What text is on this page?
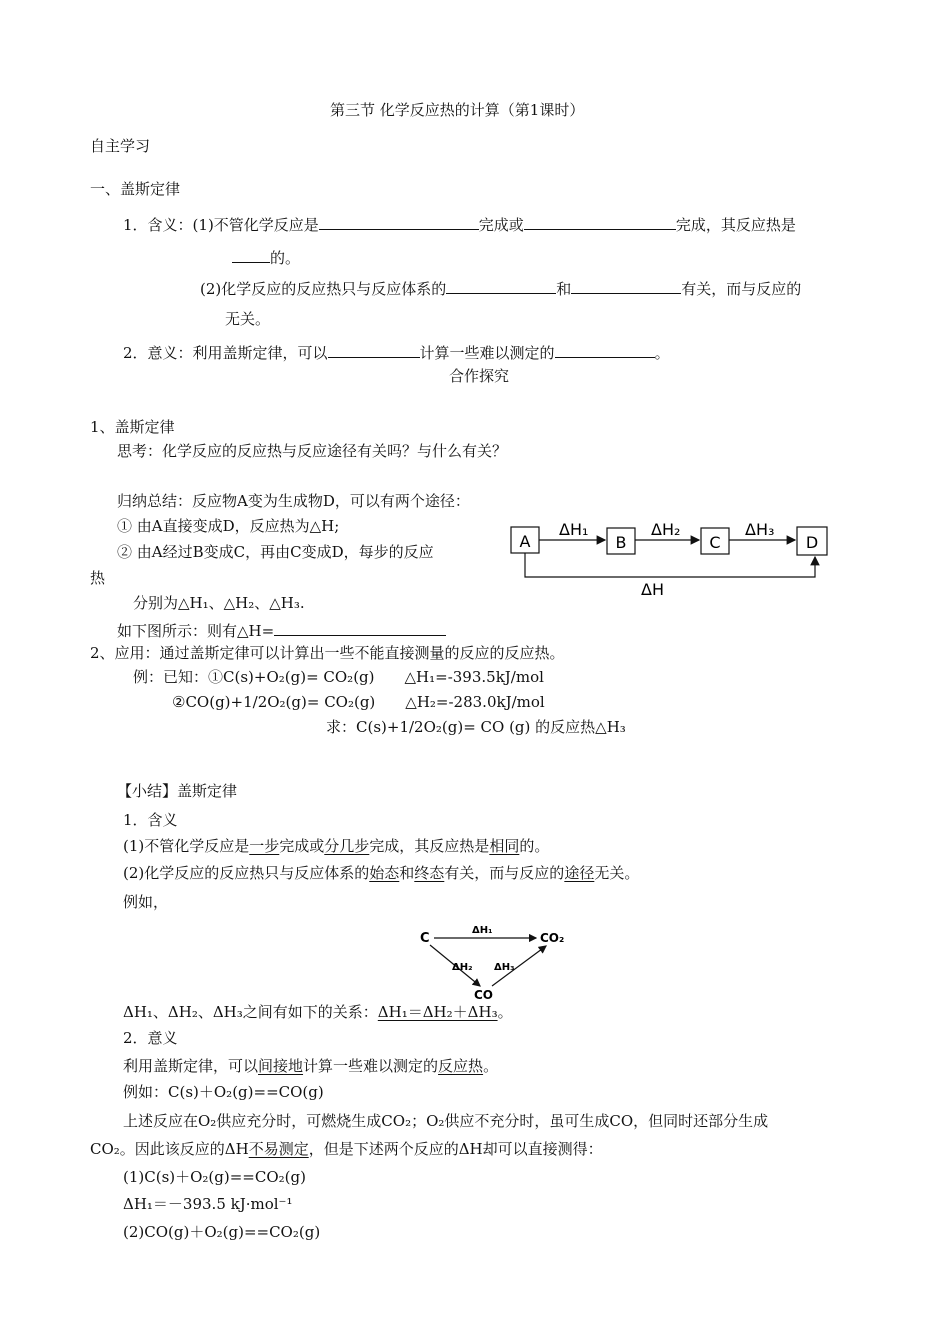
第三节 化学反应热的计算（第1课时）
自主学习
一、盖斯定律
1．含义：(1)不管化学反应是	完成或	完成，其反应热是
的。
(2)化学反应的反应热只与反应体系的	和	有关，而与反应的
无关。
2．意义：利用盖斯定律，可以	计算一些难以测定的	。
合作探究
1、盖斯定律
思考：化学反应的反应热与反应途径有关吗？与什么有关？
归纳总结：反应物A变为生成物D，可以有两个途径：
① 由A直接变成D，反应热为△H;
② 由A经过B变成C，再由C变成D，每步的反应
热
分别为△H₁、△H₂、△H₃.
如下图所示：则有△H=
A	B	C	D
ΔH₁	ΔH₂	ΔH₃
ΔH
2、应用：通过盖斯定律可以计算出一些不能直接测量的反应的反应热。
例：已知：①C(s)+O₂(g)= CO₂(g)　　△H₁=-393.5kJ/mol
②CO(g)+1/2O₂(g)= CO₂(g)　　△H₂=-283.0kJ/mol
求：C(s)+1/2O₂(g)= CO (g) 的反应热△H₃
【小结】盖斯定律
1．含义
(1)不管化学反应是一步完成或分几步完成，其反应热是相同的。
(2)化学反应的反应热只与反应体系的始态和终态有关，而与反应的途径无关。
例如，
C	CO₂
CO
ΔH₁
ΔH₂ ΔH₃
ΔH₁、ΔH₂、ΔH₃之间有如下的关系：ΔH₁＝ΔH₂＋ΔH₃。
2．意义
利用盖斯定律，可以间接地计算一些难以测定的反应热。
例如：C(s)＋O₂(g)==CO(g)
上述反应在O₂供应充分时，可燃烧生成CO₂；O₂供应不充分时，虽可生成CO，但同时还部分生成
CO₂。因此该反应的ΔH不易测定，但是下述两个反应的ΔH却可以直接测得：
(1)C(s)＋O₂(g)==CO₂(g)
ΔH₁＝－393.5 kJ·mol⁻¹
(2)CO(g)＋O₂(g)==CO₂(g)
